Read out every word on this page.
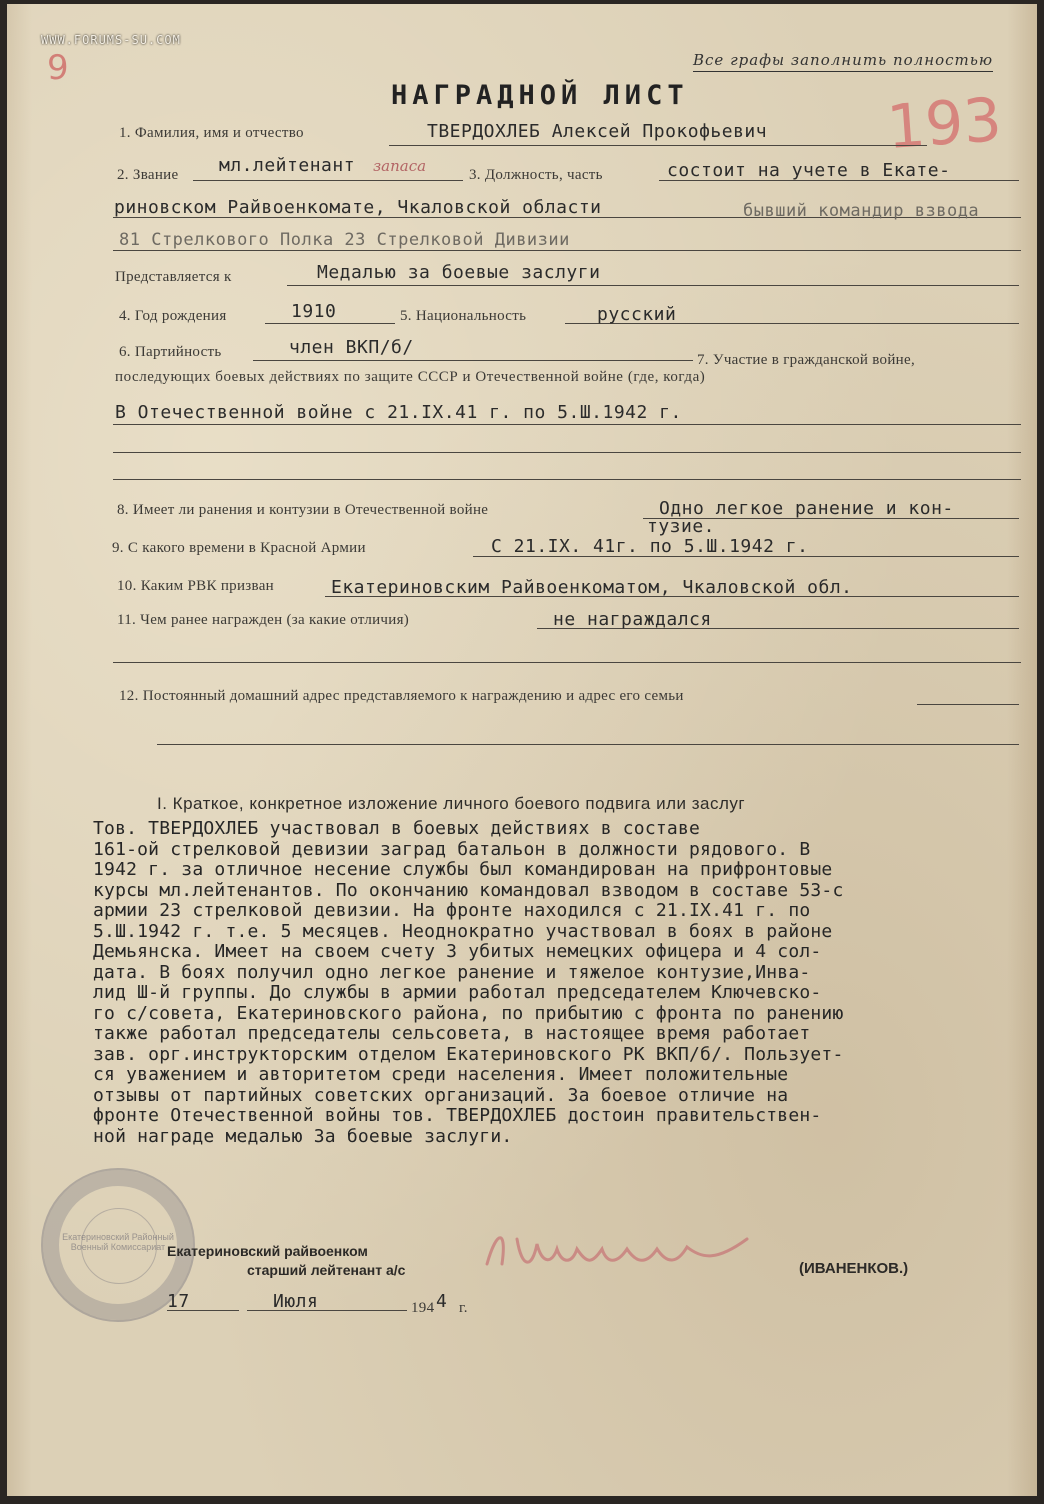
WWW.FORUMS-SU.COM
9	Все графы заполнить полностью
НАГРАДНОЙ ЛИСТ	193
1. Фамилия, имя и отчество	ТВЕРДОХЛЕБ Алексей Прокофьевич
2. Звание мл.лейтенант запаса	3. Должность, часть	состоит на учете в Екате-
риновском Райвоенкомате, Чкаловской области	бывший командир взвода
81 Стрелкового Полка 23 Стрелковой Дивизии
Представляется к	Медалью за боевые заслуги
4. Год рождения	1910	5. Национальность	русский
6. Партийность	член ВКП/б/
7. Участие в гражданской войне,
последующих боевых действиях по защите СССР и Отечественной войне (где, когда)
В Отечественной войне с 21.IX.41 г. по 5.Ш.1942 г.
8. Имеет ли ранения и контузии в Отечественной войне	Одно легкое ранение и кон-
тузие.
9. С какого времени в Красной Армии	С 21.IX. 41г. по 5.Ш.1942 г.
10. Каким РВК призван	Екатериновским Райвоенкоматом, Чкаловской обл.
11. Чем ранее награжден (за какие отличия)	не награждался
12. Постоянный домашний адрес представляемого к награждению и адрес его семьи
I. Краткое, конкретное изложение личного боевого подвига или заслуг
Тов. ТВЕРДОХЛЕБ участвовал в боевых действиях в составе
161-ой стрелковой девизии заград батальон в должности рядового. В
1942 г. за отличное несение службы был командирован на прифронтовые
курсы мл.лейтенантов. По окончанию командовал взводом в составе 53-с
армии 23 стрелковой девизии. На фронте находился с 21.IX.41 г. по
5.Ш.1942 г. т.е. 5 месяцев. Неоднократно участвовал в боях в районе
Демьянска. Имеет на своем счету 3 убитых немецких офицера и 4 сол-
дата. В боях получил одно легкое ранение и тяжелое контузие,Инва-
лид Ш-й группы. До службы в армии работал председателем Ключевско-
го с/совета, Екатериновского района, по прибытию с фронта по ранению
также работал председателы сельсовета, в настоящее время работает
зав. орг.инструкторским отделом Екатериновского РК ВКП/б/. Пользует-
ся уважением и авторитетом среди населения. Имеет положительные
отзывы от партийных советских организаций. За боевое отличие на
фронте Отечественной войны тов. ТВЕРДОХЛЕБ достоин правительствен-
ной награде медалью За боевые заслуги.
Екатериновский Районный Военный Комиссариат Екатериновский райвоенком
старший лейтенант а/с	(ИВАНЕНКОВ.)
17	Июля	194 4 г.
